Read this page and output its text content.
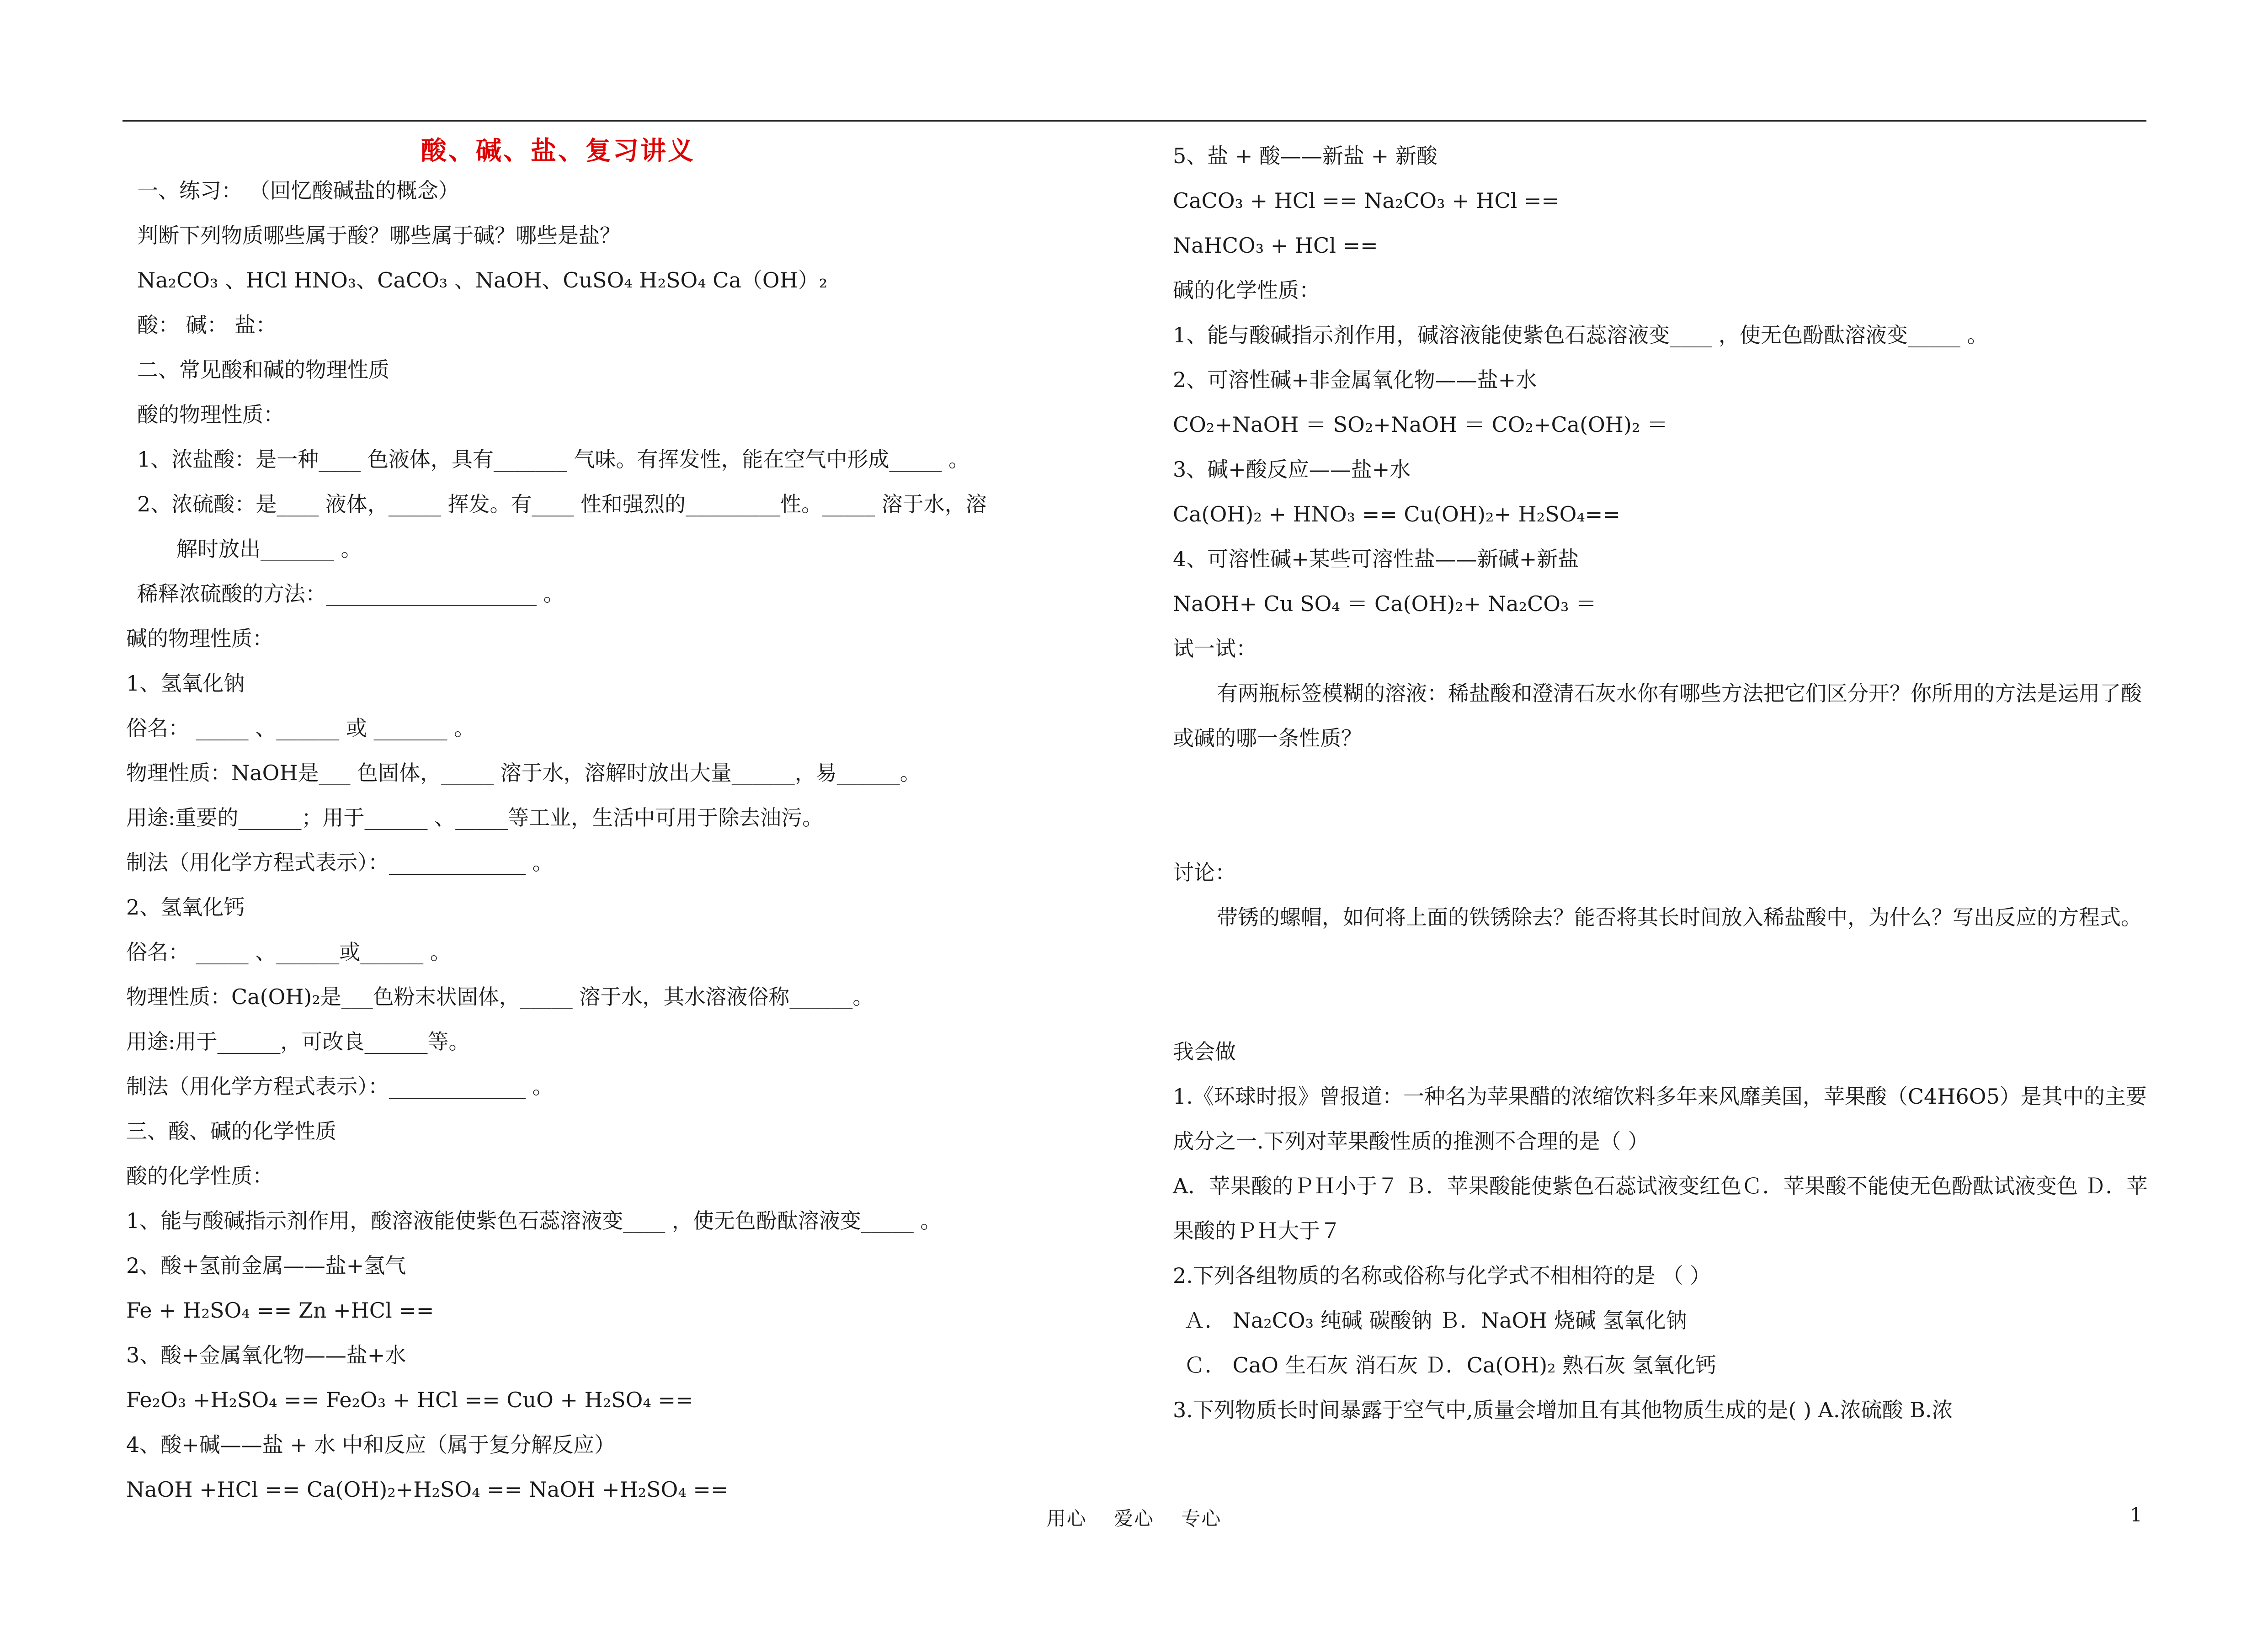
酸、碱、盐、复习讲义
一、练习： （回忆酸碱盐的概念）
判断下列物质哪些属于酸？哪些属于碱？哪些是盐？
Na₂CO₃ 、HCl HNO₃、CaCO₃ 、NaOH、CuSO₄ H₂SO₄ Ca（OH）₂
酸： 碱： 盐：
二、常见酸和碱的物理性质
酸的物理性质：
1、浓盐酸：是一种____ 色液体，具有_______ 气味。有挥发性，能在空气中形成_____ 。
2、浓硫酸：是____ 液体，_____ 挥发。有____ 性和强烈的_________性。_____ 溶于水，溶
解时放出_______ 。
稀释浓硫酸的方法：____________________ 。
碱的物理性质：
1、氢氧化钠
俗名： _____ 、______ 或 _______ 。
物理性质：NaOH是___ 色固体，_____ 溶于水，溶解时放出大量______，易______。
用途:重要的______；用于______ 、_____等工业，生活中可用于除去油污。
制法（用化学方程式表示）：_____________ 。
2、氢氧化钙
俗名： _____ 、______或______ 。
物理性质：Ca(OH)₂是___色粉末状固体，_____ 溶于水，其水溶液俗称______。
用途:用于______，可改良______等。
制法（用化学方程式表示）：_____________ 。
三、酸、碱的化学性质
酸的化学性质：
1、能与酸碱指示剂作用，酸溶液能使紫色石蕊溶液变____ ，使无色酚酞溶液变_____ 。
2、酸+氢前金属——盐+氢气
Fe + H₂SO₄ == Zn +HCl ==
3、酸+金属氧化物——盐+水
Fe₂O₃ +H₂SO₄ == Fe₂O₃ + HCl == CuO + H₂SO₄ ==
4、酸+碱——盐 + 水 中和反应（属于复分解反应）
NaOH +HCl == Ca(OH)₂+H₂SO₄ == NaOH +H₂SO₄ ==
5、盐 + 酸——新盐 + 新酸
CaCO₃ + HCl == Na₂CO₃ + HCl ==
NaHCO₃ + HCl ==
碱的化学性质：
1、能与酸碱指示剂作用，碱溶液能使紫色石蕊溶液变____ ，使无色酚酞溶液变_____ 。
2、可溶性碱+非金属氧化物——盐+水
CO₂+NaOH ＝ SO₂+NaOH ＝ CO₂+Ca(OH)₂ ＝
3、碱+酸反应——盐+水
Ca(OH)₂ + HNO₃ == Cu(OH)₂+ H₂SO₄==
4、可溶性碱+某些可溶性盐——新碱+新盐
NaOH+ Cu SO₄ ＝ Ca(OH)₂+ Na₂CO₃ ＝
试一试：
有两瓶标签模糊的溶液：稀盐酸和澄清石灰水你有哪些方法把它们区分开？你所用的方法是运用了酸或碱的哪一条性质？
讨论：
带锈的螺帽，如何将上面的铁锈除去？能否将其长时间放入稀盐酸中，为什么？写出反应的方程式。
我会做
1.《环球时报》曾报道：一种名为苹果醋的浓缩饮料多年来风靡美国，苹果酸（C4H6O5）是其中的主要成分之一.下列对苹果酸性质的推测不合理的是（ ）
A．苹果酸的ＰＨ小于７ Ｂ．苹果酸能使紫色石蕊试液变红色Ｃ．苹果酸不能使无色酚酞试液变色 Ｄ．苹果酸的ＰＨ大于７
2.下列各组物质的名称或俗称与化学式不相相符的是 （ ）
Ａ． Na₂CO₃ 纯碱 碳酸钠 Ｂ．NaOH 烧碱 氢氧化钠
Ｃ． CaO 生石灰 消石灰 Ｄ．Ca(OH)₂ 熟石灰 氢氧化钙
3.下列物质长时间暴露于空气中,质量会增加且有其他物质生成的是( ) A.浓硫酸 B.浓
用心 爱心 专心	1
